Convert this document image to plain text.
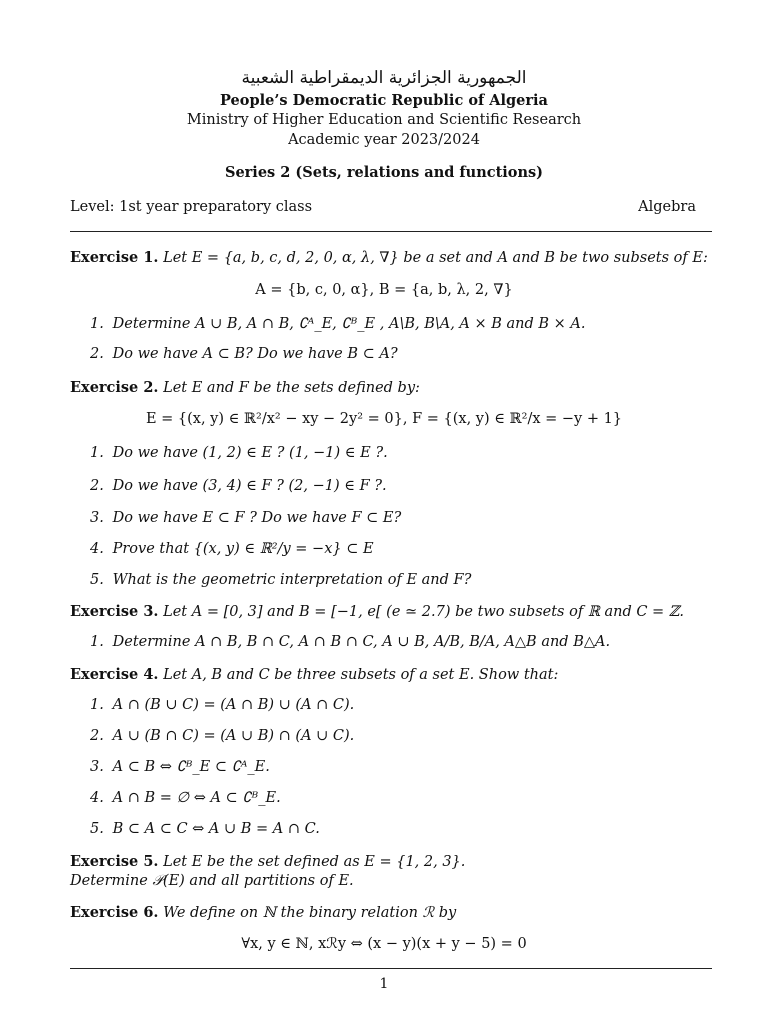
الجمهورية الجزائرية الديمقراطية الشعبية
People’s Democratic Republic of Algeria
Ministry of Higher Education and Scientific Research
Academic year 2023/2024
Series 2 (Sets, relations and functions)
Level: 1st year preparatory class	Algebra
Exercise 1. Let E = {a, b, c, d, 2, 0, α, λ, ∇} be a set and A and B be two subsets of E:
A = {b, c, 0, α}, B = {a, b, λ, 2, ∇}
1. Determine A ∪ B, A ∩ B, ∁ᴬ_E, ∁ᴮ_E , A\B, B\A, A × B and B × A.
2. Do we have A ⊂ B? Do we have B ⊂ A?
Exercise 2. Let E and F be the sets defined by:
E = {(x, y) ∈ ℝ²/x² − xy − 2y² = 0}, F = {(x, y) ∈ ℝ²/x = −y + 1}
1. Do we have (1, 2) ∈ E ? (1, −1) ∈ E ?.
2. Do we have (3, 4) ∈ F ? (2, −1) ∈ F ?.
3. Do we have E ⊂ F ? Do we have F ⊂ E?
4. Prove that {(x, y) ∈ ℝ²/y = −x} ⊂ E
5. What is the geometric interpretation of E and F?
Exercise 3. Let A = [0, 3] and B = [−1, e[ (e ≃ 2.7) be two subsets of ℝ and C = ℤ.
1. Determine A ∩ B, B ∩ C, A ∩ B ∩ C, A ∪ B, A/B, B/A, A△B and B△A.
Exercise 4. Let A, B and C be three subsets of a set E. Show that:
1. A ∩ (B ∪ C) = (A ∩ B) ∪ (A ∩ C).
2. A ∪ (B ∩ C) = (A ∪ B) ∩ (A ∪ C).
3. A ⊂ B ⇔ ∁ᴮ_E ⊂ ∁ᴬ_E.
4. A ∩ B = ∅ ⇔ A ⊂ ∁ᴮ_E.
5. B ⊂ A ⊂ C ⇔ A ∪ B = A ∩ C.
Exercise 5. Let E be the set defined as E = {1, 2, 3}.
Determine 𝒫(E) and all partitions of E.
Exercise 6. We define on ℕ the binary relation ℛ by
∀x, y ∈ ℕ, xℛy ⇔ (x − y)(x + y − 5) = 0
1
